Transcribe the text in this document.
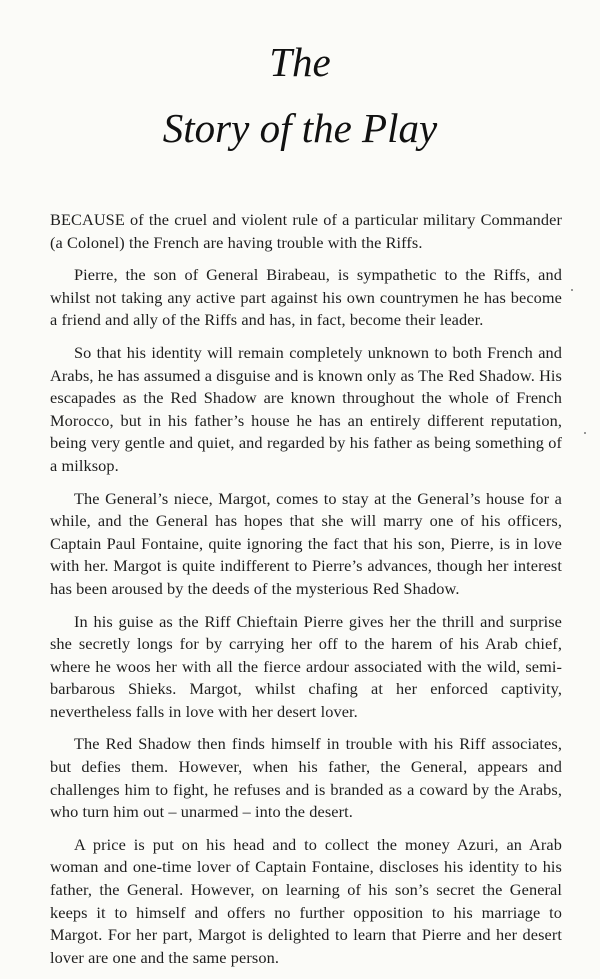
The
Story of the Play

BECAUSE of the cruel and violent rule of a particular military Commander (a Colonel) the French are having trouble with the Riffs.

Pierre, the son of General Birabeau, is sympathetic to the Riffs, and whilst not taking any active part against his own countrymen he has become a friend and ally of the Riffs and has, in fact, become their leader.

So that his identity will remain completely unknown to both French and Arabs, he has assumed a disguise and is known only as The Red Shadow. His escapades as the Red Shadow are known throughout the whole of French Morocco, but in his father’s house he has an entirely different reputation, being very gentle and quiet, and regarded by his father as being something of a milksop.

The General’s niece, Margot, comes to stay at the General’s house for a while, and the General has hopes that she will marry one of his officers, Captain Paul Fontaine, quite ignoring the fact that his son, Pierre, is in love with her. Margot is quite indifferent to Pierre’s advances, though her interest has been aroused by the deeds of the mysterious Red Shadow.

In his guise as the Riff Chieftain Pierre gives her the thrill and surprise she secretly longs for by carrying her off to the harem of his Arab chief, where he woos her with all the fierce ardour associated with the wild, semi-barbarous Shieks. Margot, whilst chafing at her enforced captivity, nevertheless falls in love with her desert lover.

The Red Shadow then finds himself in trouble with his Riff associates, but defies them. However, when his father, the General, appears and challenges him to fight, he refuses and is branded as a coward by the Arabs, who turn him out – unarmed – into the desert.

A price is put on his head and to collect the money Azuri, an Arab woman and one-time lover of Captain Fontaine, discloses his identity to his father, the General. However, on learning of his son’s secret the General keeps it to himself and offers no further opposition to his marriage to Margot. For her part, Margot is delighted to learn that Pierre and her desert lover are one and the same person.
